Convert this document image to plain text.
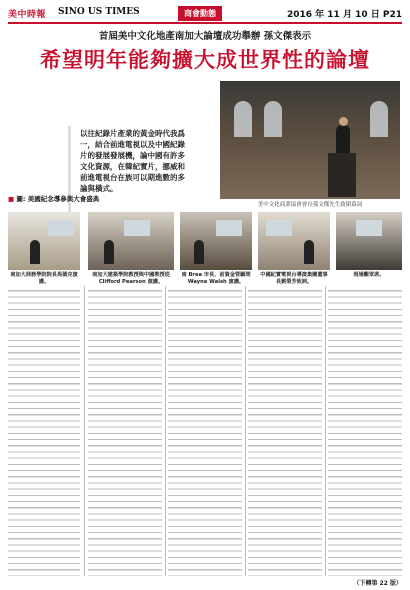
美中時報 SINO US TIMES	商會動態	2016 年 11 月 10 日 P21
首屆美中文化地產南加大論壇成功舉辦 孫文傑表示
希望明年能夠擴大成世界性的論壇
以往紀錄片產業的黃金時代我爲一，結合前進電視以及中國紀錄片的發展發展機，論中國有許多文化資源，在韓紀實片，挪威和前進電視台在族可以期進數的多論與橫式。
美中文化商業協會會長孫文傑先生致閉幕詞
■ 圖: 美國紀念導參與大會盛典
南加大商務學院院長馬德克演講。
南加大建築學院教授與中國教授從 Clifford Pearson 演講。
南 Brea 市長、前資金管顧問 Wayne Walsh 演講。
中國紀實電視台導演集團董事長劉榮芳致詞。
現場觀眾席。
（下轉第 22 版）
